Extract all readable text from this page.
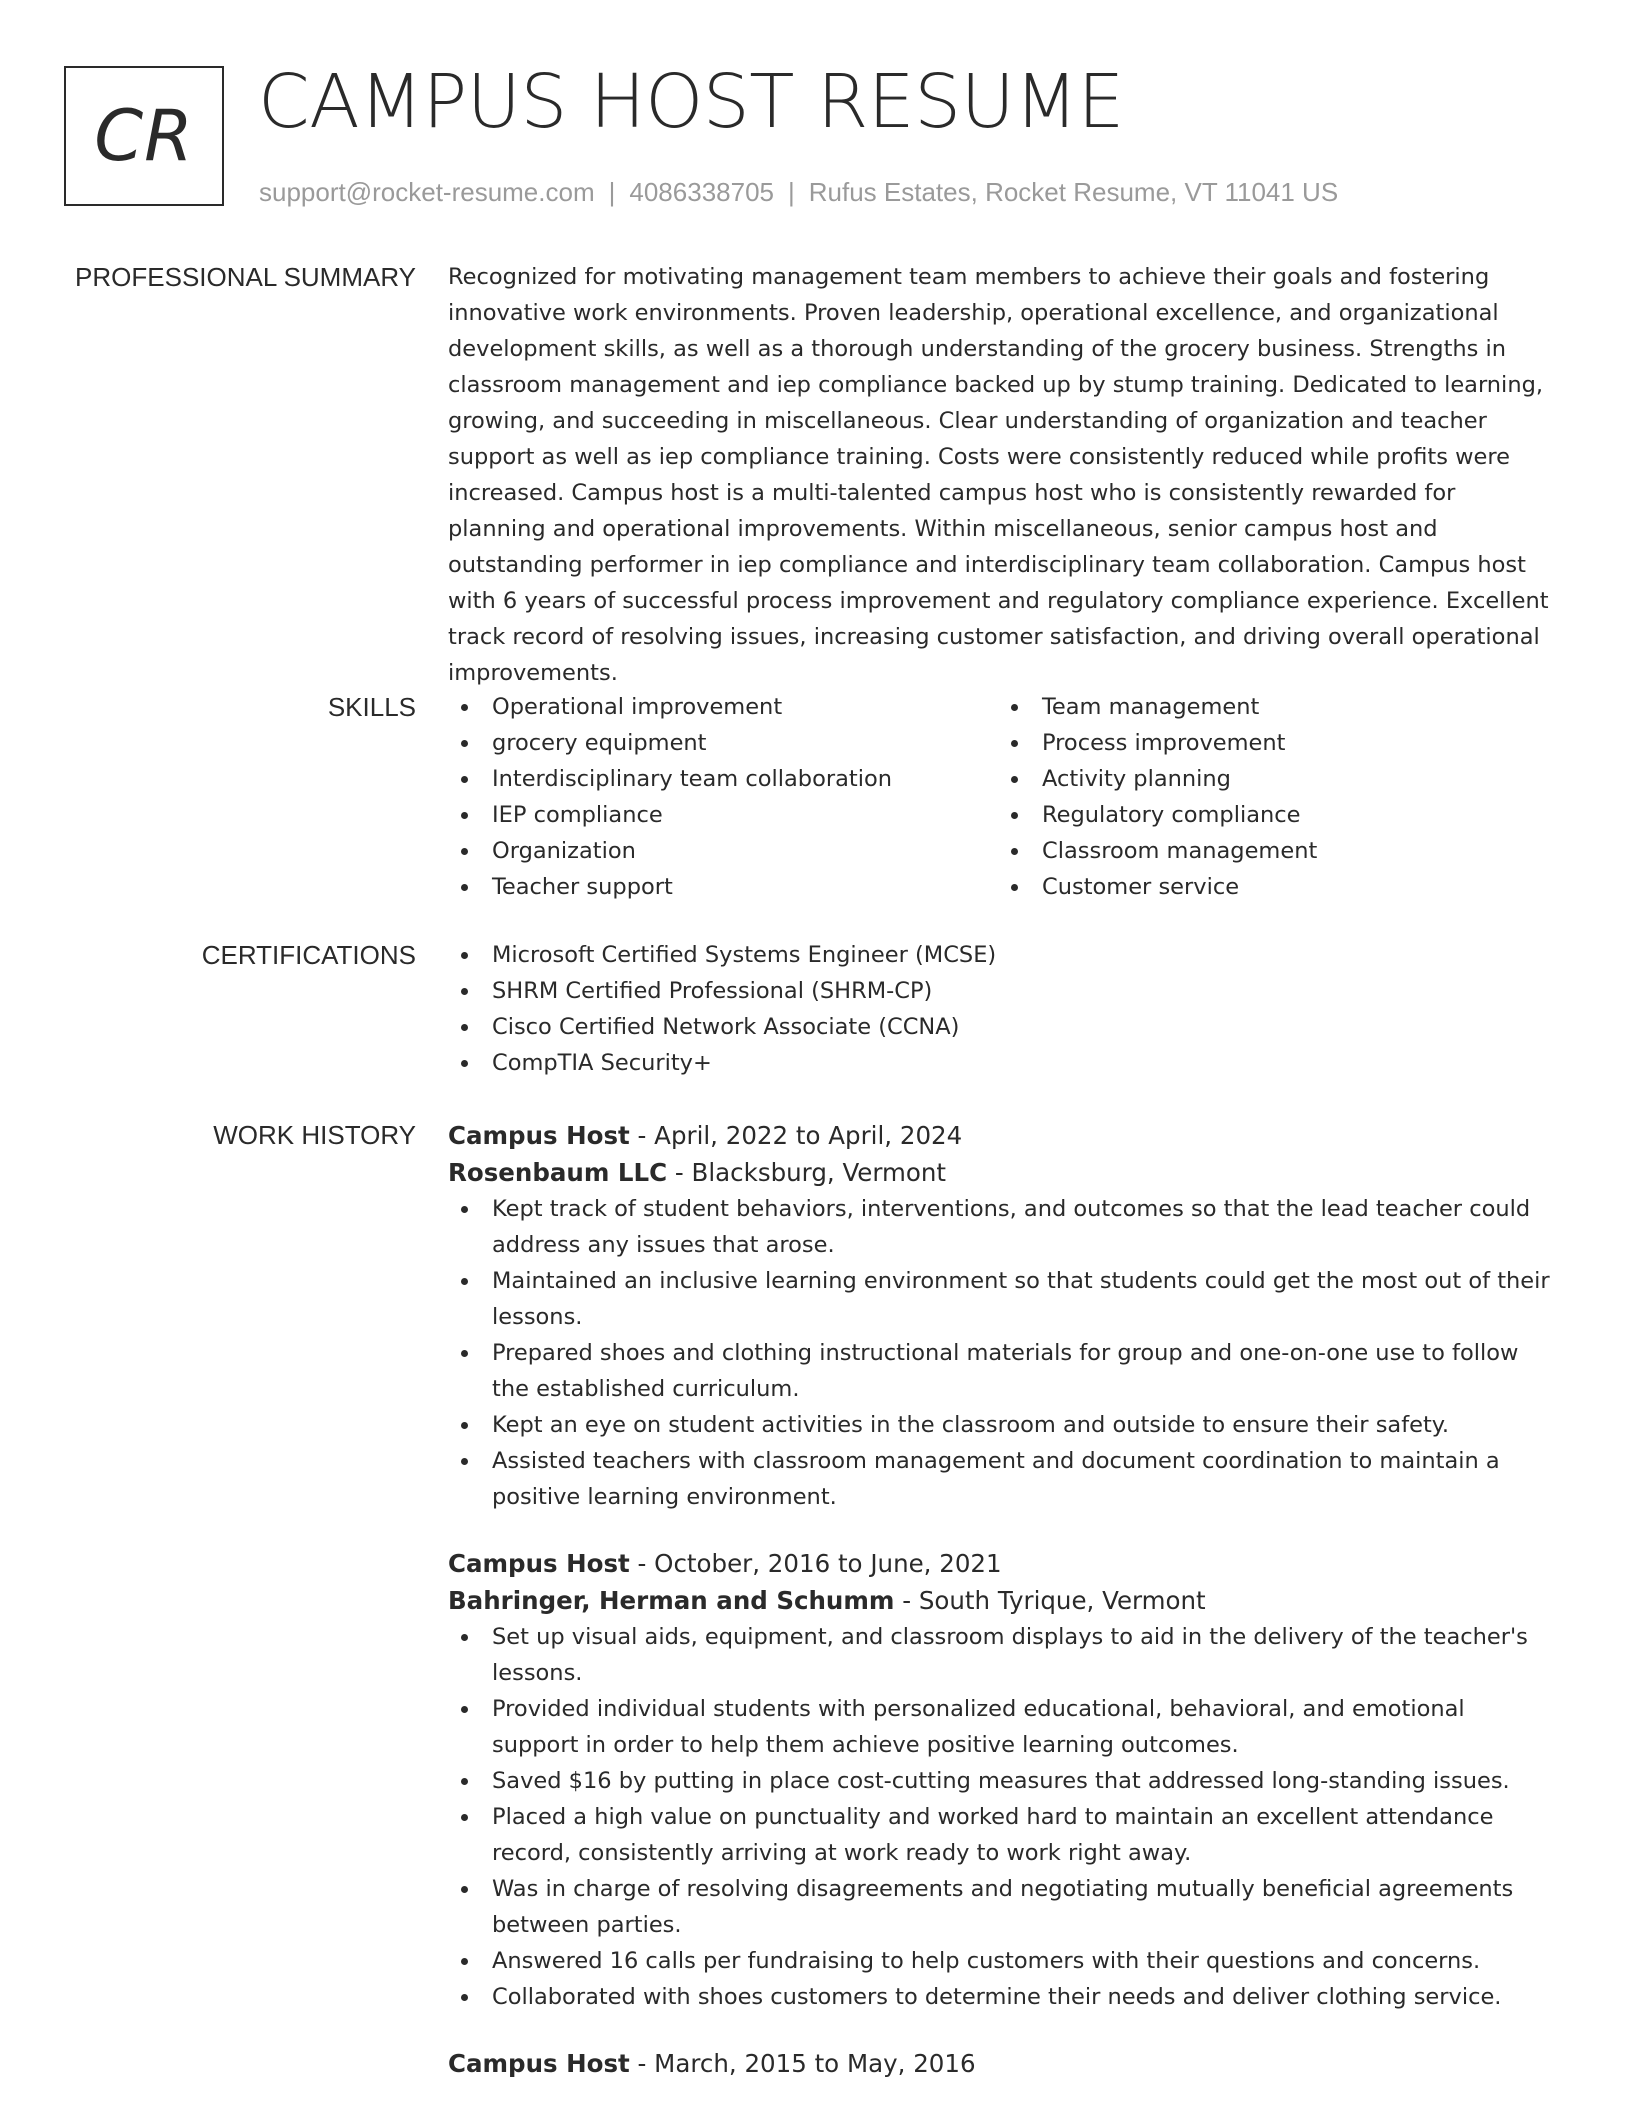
CR CAMPUS HOST RESUME
support@rocket-resume.com | 4086338705 | Rufus Estates, Rocket Resume, VT 11041 US
PROFESSIONAL SUMMARY Recognized for motivating management team members to achieve their goals and fostering innovative work environments. Proven leadership, operational excellence, and organizational development skills, as well as a thorough understanding of the grocery business. Strengths in classroom management and iep compliance backed up by stump training. Dedicated to learning, growing, and succeeding in miscellaneous. Clear understanding of organization and teacher support as well as iep compliance training. Costs were consistently reduced while profits were increased. Campus host is a multi-talented campus host who is consistently rewarded for planning and operational improvements. Within miscellaneous, senior campus host and outstanding performer in iep compliance and interdisciplinary team collaboration. Campus host with 6 years of successful process improvement and regulatory compliance experience. Excellent track record of resolving issues, increasing customer satisfaction, and driving overall operational improvements.

SKILLS	Operational improvement
grocery equipment
Interdisciplinary team collaboration
IEP compliance
Organization
Teacher support
Team management
Process improvement
Activity planning
Regulatory compliance
Classroom management
Customer service
CERTIFICATIONS	Microsoft Certified Systems Engineer (MCSE)
SHRM Certified Professional (SHRM-CP)
Cisco Certified Network Associate (CCNA)
CompTIA Security+
WORK HISTORY Campus Host - April, 2022 to April, 2024
Rosenbaum LLC - Blacksburg, Vermont
Kept track of student behaviors, interventions, and outcomes so that the lead teacher could address any issues that arose.
Maintained an inclusive learning environment so that students could get the most out of their lessons.
Prepared shoes and clothing instructional materials for group and one-on-one use to follow the established curriculum.
Kept an eye on student activities in the classroom and outside to ensure their safety.
Assisted teachers with classroom management and document coordination to maintain a positive learning environment.
Campus Host - October, 2016 to June, 2021
Bahringer, Herman and Schumm - South Tyrique, Vermont
Set up visual aids, equipment, and classroom displays to aid in the delivery of the teacher's lessons.
Provided individual students with personalized educational, behavioral, and emotional support in order to help them achieve positive learning outcomes.
Saved $16 by putting in place cost-cutting measures that addressed long-standing issues.
Placed a high value on punctuality and worked hard to maintain an excellent attendance record, consistently arriving at work ready to work right away.
Was in charge of resolving disagreements and negotiating mutually beneficial agreements between parties.
Answered 16 calls per fundraising to help customers with their questions and concerns.
Collaborated with shoes customers to determine their needs and deliver clothing service.
Campus Host - March, 2015 to May, 2016
